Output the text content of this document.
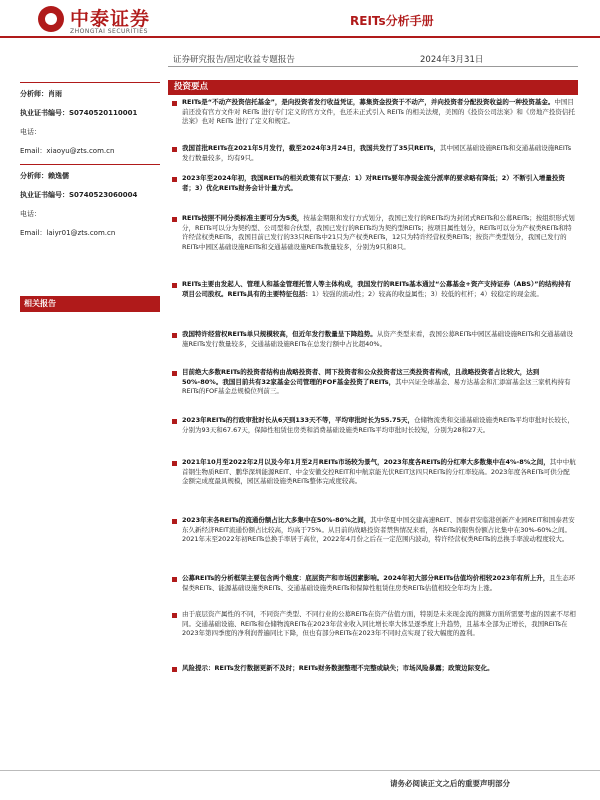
中泰证券
ZHONGTAI SECURITIES
REITs分析手册
证券研究报告/固定收益专题报告	2024年3月31日
分析师：肖雨
执业证书编号：S0740520110001
电话：
Email：xiaoyu@zts.com.cn
分析师：赖逸儒
执业证书编号：S0740523060004
电话：
Email：laiyr01@zts.com.cn
相关报告
投资要点
REITs是“不动产投资信托基金”，是向投资者发行收益凭证，募集资金投资于不动产，并向投资者分配投资收益的一种投资基金。中国目前还没有官方文件对 REITs 进行专门定义的官方文件，也还未正式引入 REITs 的相关法规，美国的《投资公司法案》和《房地产投资信托法案》也对 REITs 进行了定义和规定。
我国首批REITs在2021年5月发行，截至2024年3月24日，我国共发行了35只REITs，其中园区基础设施REITs和交通基础设施REITs发行数量较多，均有9只。
2023年至2024年初，我国REITs的相关政策有以下要点：1）对REITs要年净现金流分派率的要求略有降低；2）不断引入增量投资者；3）优化REITs财务会计计量方式。
REITs按照不同分类标准主要可分为5类，按基金期限和发行方式划分，我国已发行的REITs均为封闭式REITs和公募REITs；按组织形式划分，REITs可以分为契约型、公司型和合伙型，我国已发行的REITs均为契约型REITs；按项目属性划分，REITs可以分为产权类REITs和特许经营权类REITs，我国目前已发行的33只REITs中21只为产权类REITs，12只为特许经营权类REITs；按资产类型划分，我国已发行的REITs中园区基础设施REITs和交通基础设施REITs数量较多，分别为9只和8只。
REITs主要由发起人、管理人和基金管理托管人等主体构成，我国发行的REITs基本通过“公募基金+资产支持证券（ABS）”的结构持有项目公司股权。REITs具有的主要特征包括：1）较强的流动性；2）较高的收益属性；3）较低的杠杆；4）较稳定的现金流。
我国特许经营权REITs单只规模较高，但近年发行数量呈下降趋势。从资产类型来看，我国公募REITs中园区基础设施REITs和交通基础设施REITs发行数量较多，交通基础设施REITs在总发行额中占比超40%。
目前绝大多数REITs的投资者结构由战略投资者、网下投资者和公众投资者这三类投资者构成，且战略投资者占比较大，达到50%-80%。我国目前共有32家基金公司管理的FOF基金投资了REITs，其中兴证全球基金、易方达基金和汇添富基金这三家机构持有REITs的FOF基金总规模位列前三。
2023年REITs的行政审批时长从6天到133天不等，平均审批时长为55.75天，仓储物流类和交通基础设施类REITs平均审批时长较长，分别为93天和67.67天，保障性租赁住房类和消费基础设施类REITs平均审批时长较短，分别为28和27天。
2021年10月至2022年2月以及今年1月至2月REITs市场较为景气，2023年度各REITs的分红率大多数集中在4%-8%之间，其中中航首钢生物质REIT、鹏华深圳能源REIT、中金安徽交控REIT和中航京能光伏REIT这四只REITs的分红率较高。2023年度各REITs可供分配金额完成度最具规模，园区基础设施类REITs整体完成度较高。
2023年末各REITs的流通份额占比大多集中在50%-80%之间，其中华夏中国交建高速REIT、国泰君安临港创新产业园REIT和国泰君安东久新经济REIT流通份额占比较高，均高于75%。从目前的战略投资者禁售情况来看，各REITs的限售份额占比集中在30%-60%之间。2021年末至2022年初REITs总换手率居于高位，2022年4月份之后在一定范围内波动，特许经营权类REITs的总换手率波动程度较大。
公募REITs的分析框架主要包含两个维度：底层资产和市场因素影响。2024年初大部分REITs估值均价相较2023年有所上升，且生态环保类REITs、能源基础设施类REITs、交通基础设施类REITs和保障性租赁住房类REITs估值相较全年均为上涨。
由于底层资产属性的不同，不同资产类型、不同行业的公募REITs在资产估值方面，特别是未来现金流的测算方面所需要考虑的因素不尽相同。交通基础设施、REITs和仓储物流REITs在2023年营业收入同比增长率大体呈逐季度上升趋势，且基本全部为正增长，我国REITs在2023年第四季度的净利润普遍同比下降，但也有部分REITs在2023年不同时点实现了较大幅度的盈利。
风险提示：REITs发行数据更新不及时；REITs财务数据整理不完整或缺失；市场风险暴露；政策边际变化。
请务必阅读正文之后的重要声明部分
